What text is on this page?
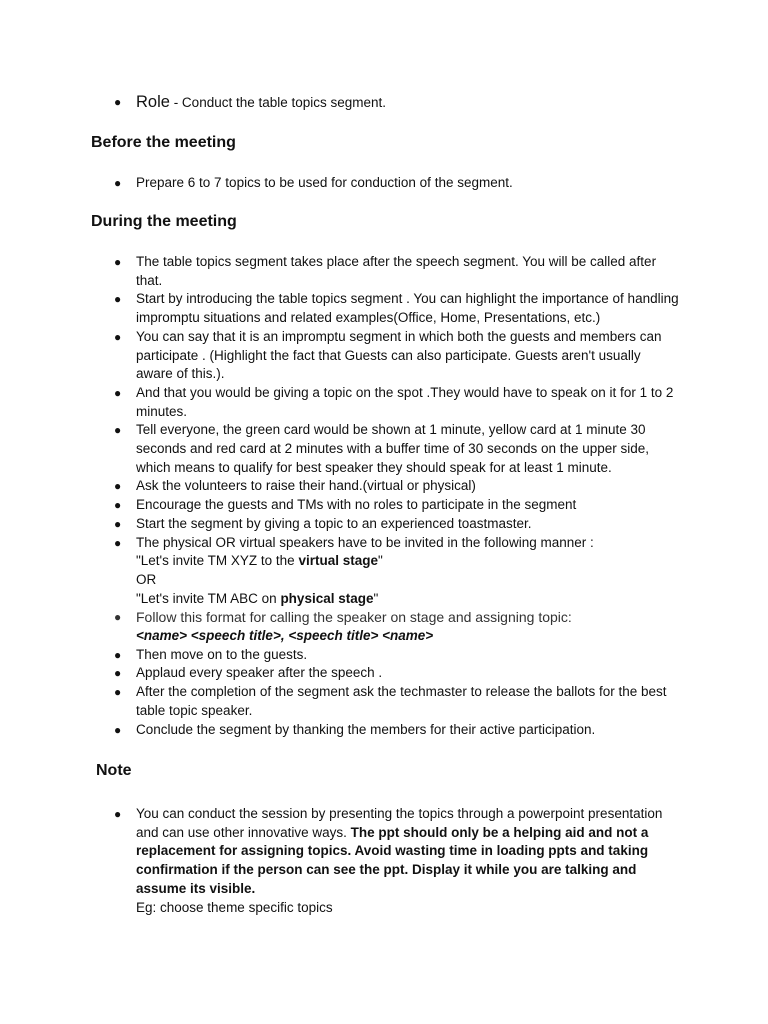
● Role - Conduct the table topics segment.
Before the meeting
● Prepare 6 to 7 topics to be used for conduction of the segment.
During the meeting
● The table topics segment takes place after the speech segment. You will be called after that.
● Start by introducing the table topics segment . You can highlight the importance of handling impromptu situations and related examples(Office, Home, Presentations, etc.)
● You can say that it is an impromptu segment in which both the guests and members can participate . (Highlight the fact that Guests can also participate. Guests aren't usually aware of this.).
● And that you would be giving a topic on the spot .They would have to speak on it for 1 to 2 minutes.
● Tell everyone, the green card would be shown at 1 minute, yellow card at 1 minute 30 seconds and red card at 2 minutes with a buffer time of 30 seconds on the upper side, which means to qualify for best speaker they should speak for at least 1 minute.
● Ask the volunteers to raise their hand.(virtual or physical)
● Encourage the guests and TMs with no roles to participate in the segment
● Start the segment by giving a topic to an experienced toastmaster.
● The physical OR virtual speakers have to be invited in the following manner :
"Let's invite TM XYZ to the virtual stage"
OR
"Let's invite TM ABC on physical stage"
● Follow this format for calling the speaker on stage and assigning topic:
<name> <speech title>, <speech title> <name>
● Then move on to the guests.
● Applaud every speaker after the speech .
● After the completion of the segment ask the techmaster to release the ballots for the best table topic speaker.
● Conclude the segment by thanking the members for their active participation.
Note
● You can conduct the session by presenting the topics through a powerpoint presentation and can use other innovative ways. The ppt should only be a helping aid and not a replacement for assigning topics. Avoid wasting time in loading ppts and taking confirmation if the person can see the ppt. Display it while you are talking and assume its visible.
Eg: choose theme specific topics
